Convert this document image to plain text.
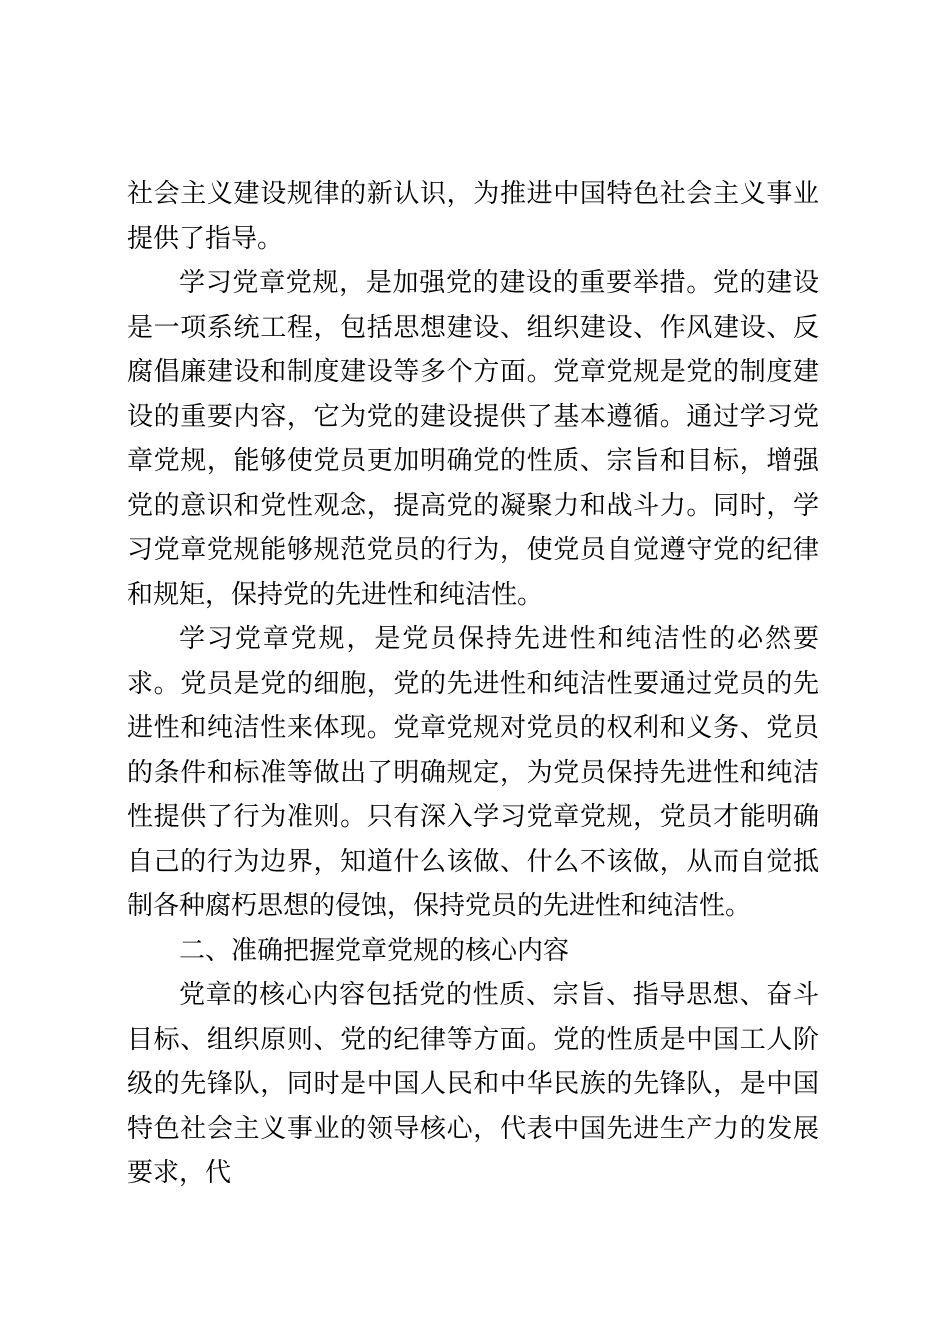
社会主义建设规律的新认识，为推进中国特色社会主义事业提供了指导。

学习党章党规，是加强党的建设的重要举措。党的建设是一项系统工程，包括思想建设、组织建设、作风建设、反腐倡廉建设和制度建设等多个方面。党章党规是党的制度建设的重要内容，它为党的建设提供了基本遵循。通过学习党章党规，能够使党员更加明确党的性质、宗旨和目标，增强党的意识和党性观念，提高党的凝聚力和战斗力。同时，学习党章党规能够规范党员的行为，使党员自觉遵守党的纪律和规矩，保持党的先进性和纯洁性。

学习党章党规，是党员保持先进性和纯洁性的必然要求。党员是党的细胞，党的先进性和纯洁性要通过党员的先进性和纯洁性来体现。党章党规对党员的权利和义务、党员的条件和标准等做出了明确规定，为党员保持先进性和纯洁性提供了行为准则。只有深入学习党章党规，党员才能明确自己的行为边界，知道什么该做、什么不该做，从而自觉抵制各种腐朽思想的侵蚀，保持党员的先进性和纯洁性。

二、准确把握党章党规的核心内容

党章的核心内容包括党的性质、宗旨、指导思想、奋斗目标、组织原则、党的纪律等方面。党的性质是中国工人阶级的先锋队，同时是中国人民和中华民族的先锋队，是中国特色社会主义事业的领导核心，代表中国先进生产力的发展要求，代
